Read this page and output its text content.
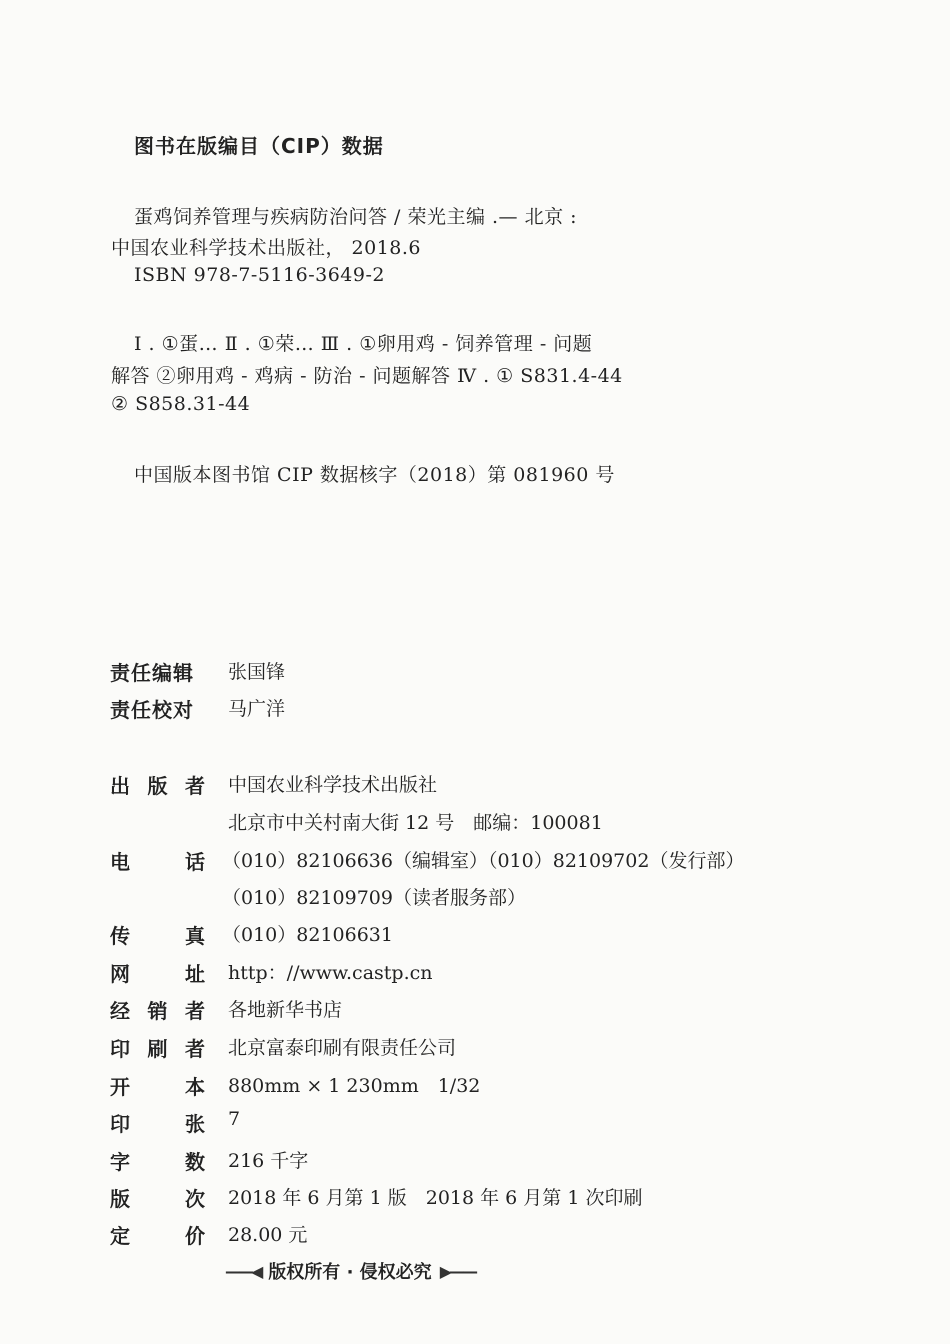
图书在版编目（CIP）数据
蛋鸡饲养管理与疾病防治问答 / 荣光主编 .— 北京 :
中国农业科学技术出版社， 2018.6
ISBN 978-7-5116-3649-2
Ⅰ . ①蛋… Ⅱ . ①荣… Ⅲ . ①卵用鸡 - 饲养管理 - 问题
解答 ②卵用鸡 - 鸡病 - 防治 - 问题解答 Ⅳ . ① S831.4-44
② S858.31-44
中国版本图书馆 CIP 数据核字（2018）第 081960 号
责任编辑 张国锋
责任校对 马广洋
出 版 者 中国农业科学技术出版社
北京市中关村南大街 12 号　邮编：100081
电	话 （010）82106636（编辑室）（010）82109702（发行部）
（010）82109709（读者服务部）
传	真 （010）82106631
网	址 http：//www.castp.cn
经 销 者 各地新华书店
印 刷 者 北京富泰印刷有限责任公司
开	本 880mm × 1 230mm　1/32
印	张 7
字	数 216 千字
版	次 2018 年 6 月第 1 版　2018 年 6 月第 1 次印刷
定	价 28.00 元
——◀ 版权所有 · 侵权必究 ▶——
